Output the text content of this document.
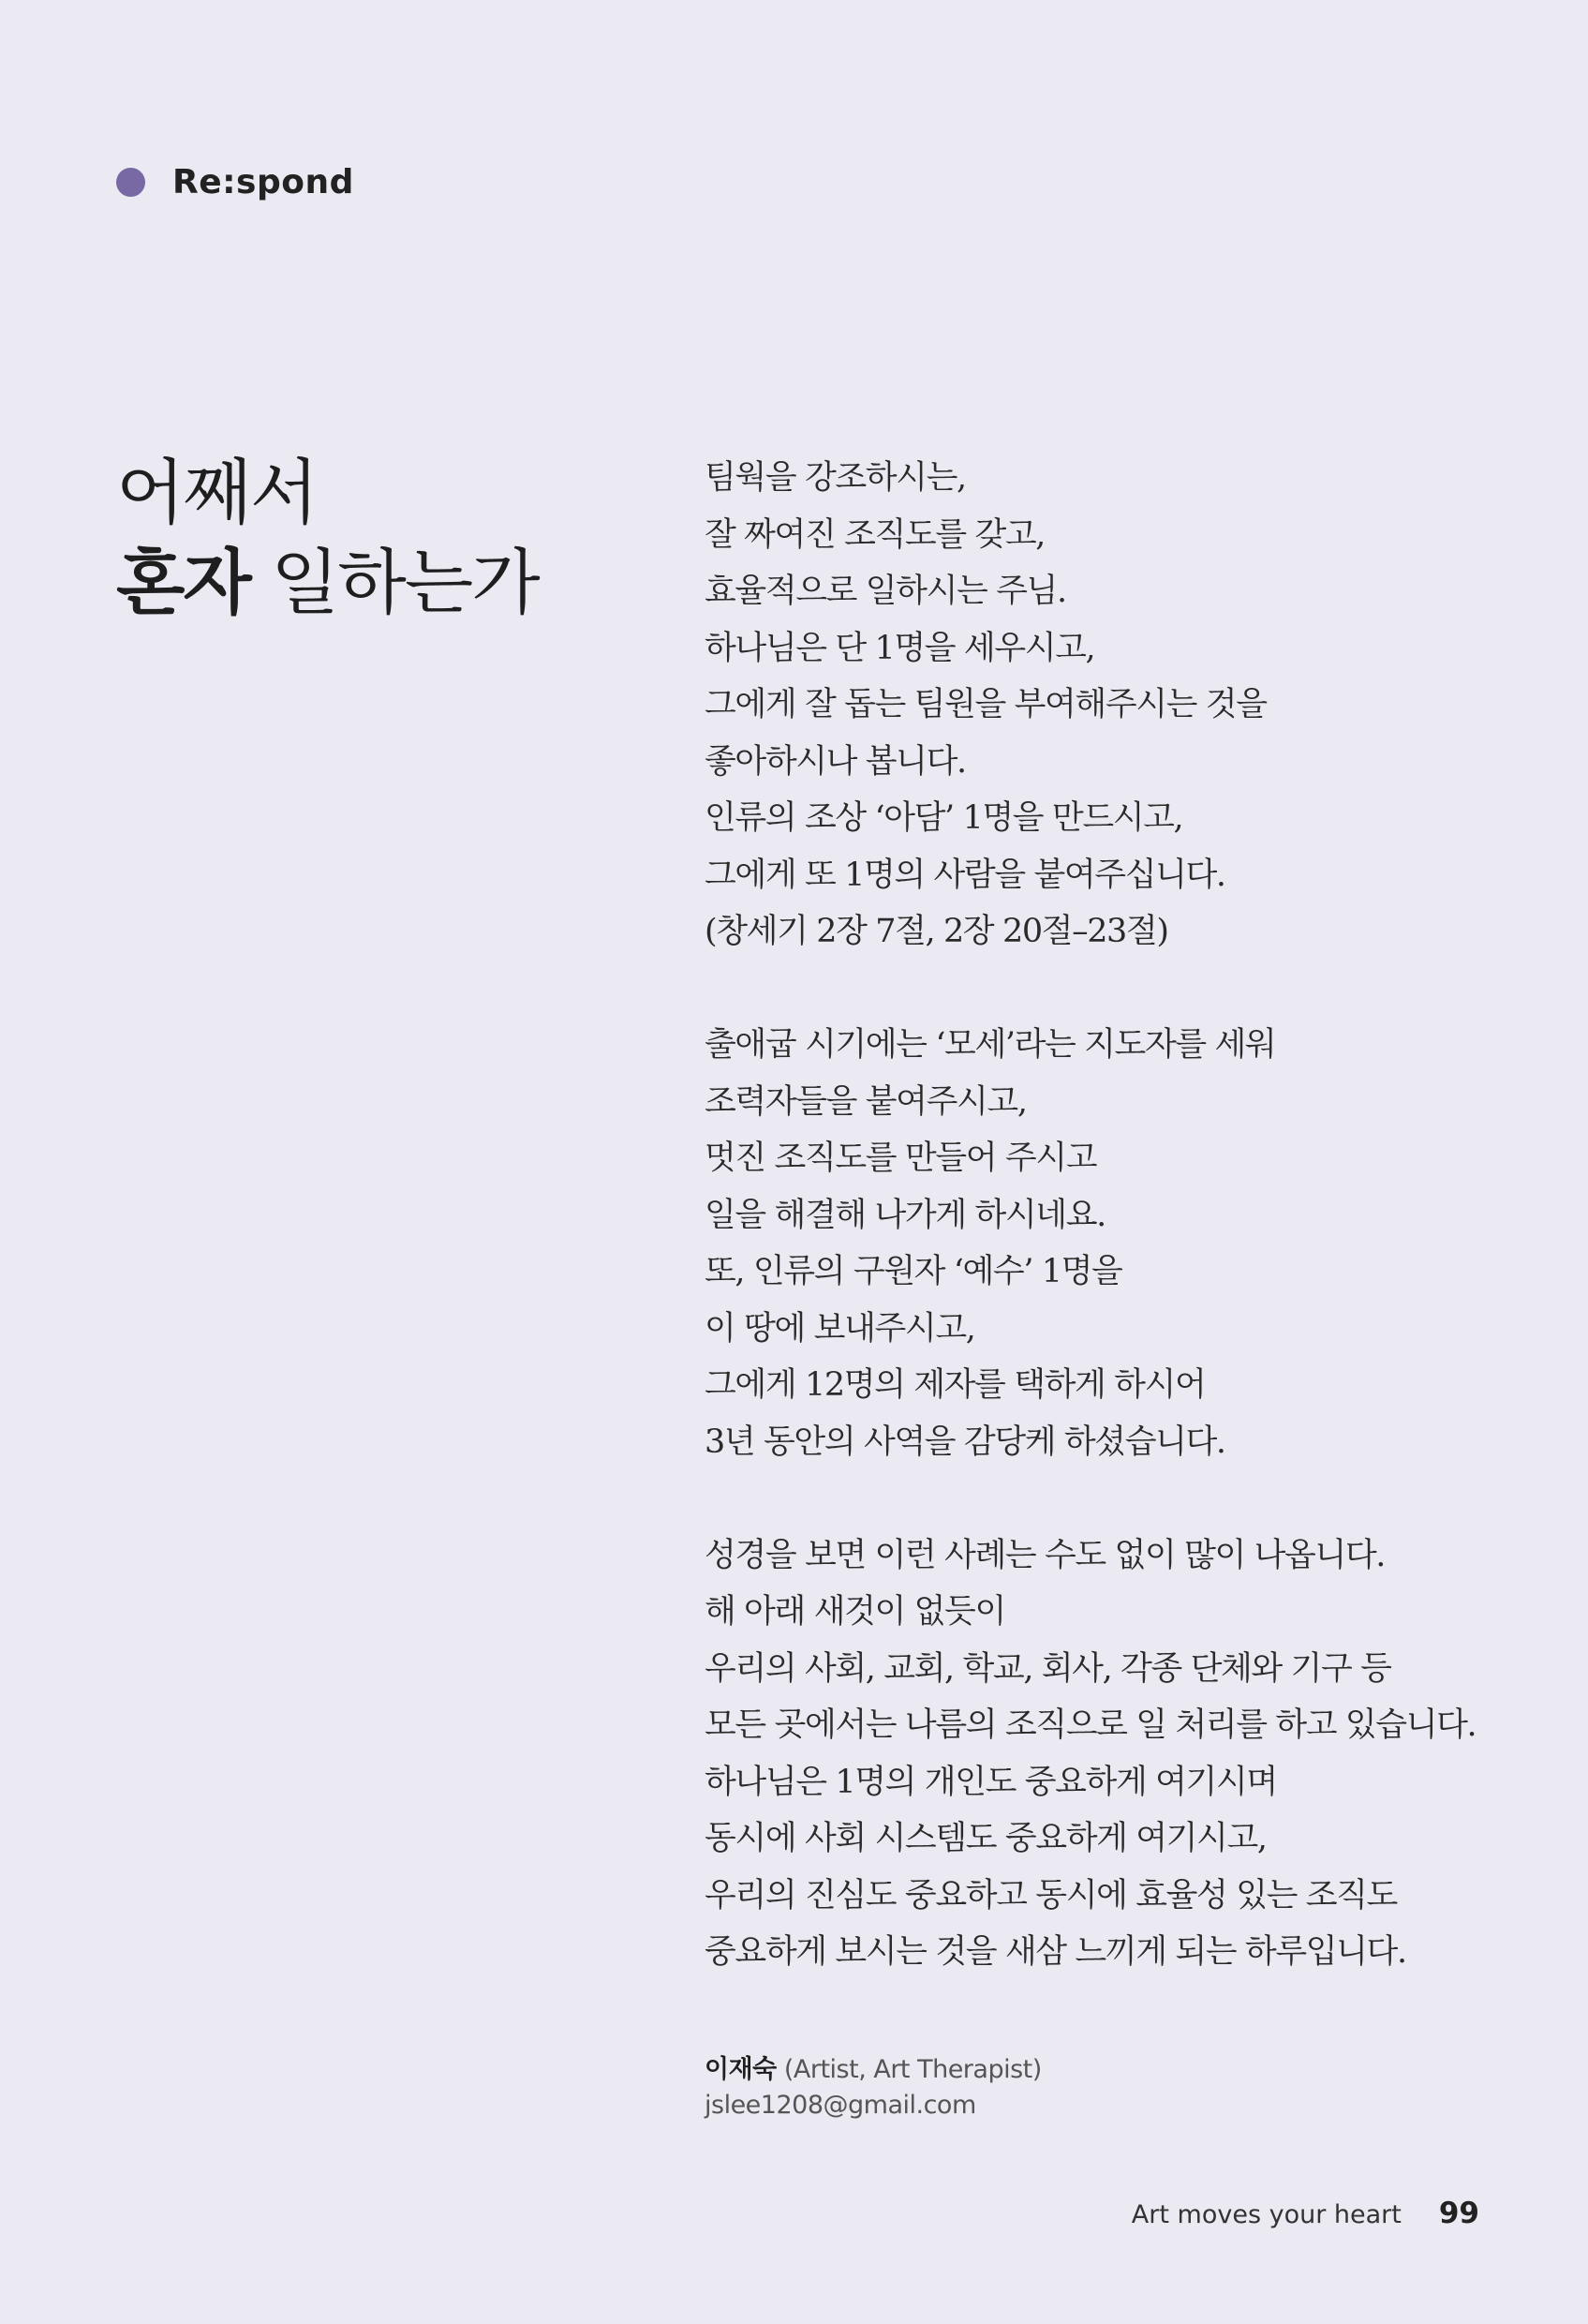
Re:spond
어째서
혼자 일하는가

팀웍을 강조하시는,
잘 짜여진 조직도를 갖고,
효율적으로 일하시는 주님.
하나님은 단 1명을 세우시고,
그에게 잘 돕는 팀원을 부여해주시는 것을
좋아하시나 봅니다.
인류의 조상 ‘아담’ 1명을 만드시고,
그에게 또 1명의 사람을 붙여주십니다.
(창세기 2장 7절, 2장 20절–23절)

출애굽 시기에는 ‘모세’라는 지도자를 세워
조력자들을 붙여주시고,
멋진 조직도를 만들어 주시고
일을 해결해 나가게 하시네요.
또, 인류의 구원자 ‘예수’ 1명을
이 땅에 보내주시고,
그에게 12명의 제자를 택하게 하시어
3년 동안의 사역을 감당케 하셨습니다.

성경을 보면 이런 사례는 수도 없이 많이 나옵니다.
해 아래 새것이 없듯이
우리의 사회, 교회, 학교, 회사, 각종 단체와 기구 등
모든 곳에서는 나름의 조직으로 일 처리를 하고 있습니다.
하나님은 1명의 개인도 중요하게 여기시며
동시에 사회 시스템도 중요하게 여기시고,
우리의 진심도 중요하고 동시에 효율성 있는 조직도
중요하게 보시는 것을 새삼 느끼게 되는 하루입니다.

이재숙 (Artist, Art Therapist)
jslee1208@gmail.com
Art moves your heart 99
